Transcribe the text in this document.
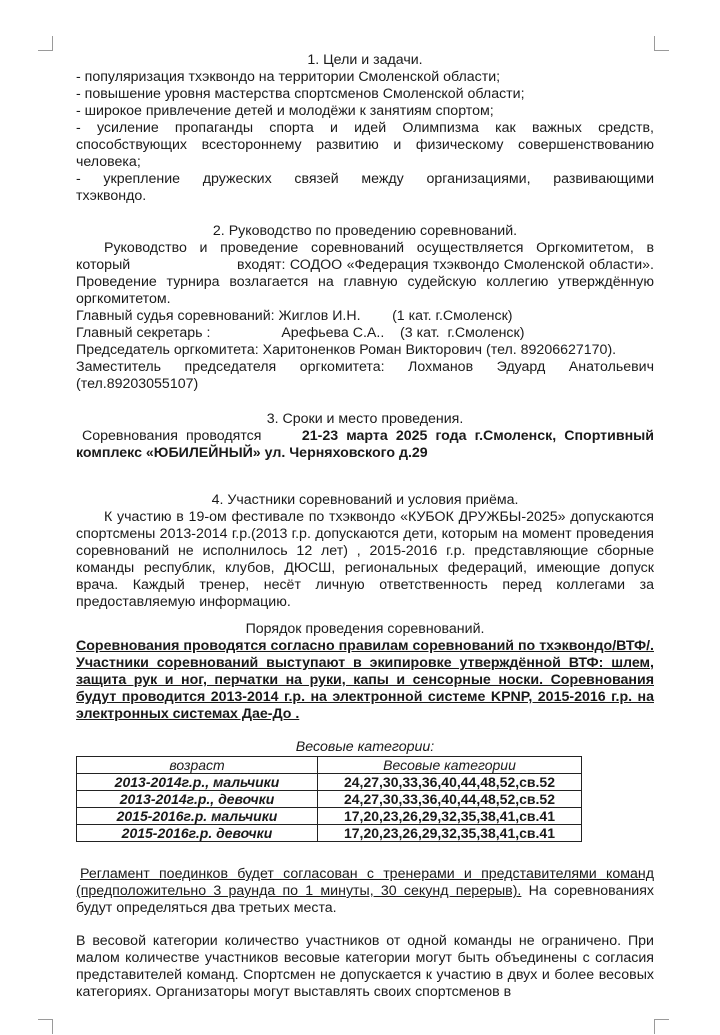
1. Цели и задачи.

- популяризация тхэквондо на территории Смоленской области;

- повышение уровня мастерства спортсменов Смоленской области;

- широкое привлечение детей и молодёжи к занятиям спортом;

- усиление пропаганды спорта и идей Олимпизма как важных средств, способствующих всестороннему развитию и физическому совершенствованию человека;

- укрепление дружеских связей между организациями, развивающими тхэквондо.

2. Руководство по проведению соревнований.

Руководство и проведение соревнований осуществляется Оргкомитетом, в который                        входят: СОДОО «Федерация тхэквондо Смоленской области». Проведение турнира возлагается на главную судейскую коллегию утверждённую оргкомитетом.

Главный судья соревнований: Жиглов И.Н.        (1 кат. г.Смоленск)

Главный секретарь :                  Арефьева С.А..    (3 кат.  г.Смоленск)

Председатель оргкомитета: Харитоненков Роман Викторович (тел. 89206627170).

Заместитель председателя оргкомитета: Лохманов Эдуард Анатольевич (тел.89203055107)

3. Сроки и место проведения.

Соревнования проводятся	21-23 марта 2025 года г.Смоленск, Спортивный комплекс «ЮБИЛЕЙНЫЙ» ул. Черняховского д.29

4. Участники соревнований и условия приёма.

К участию в 19-ом фестивале по тхэквондо «КУБОК ДРУЖБЫ-2025» допускаются спортсмены 2013-2014 г.р.(2013 г.р. допускаются дети, которым на момент проведения соревнований не исполнилось 12 лет) , 2015-2016 г.р. представляющие сборные команды республик, клубов, ДЮСШ, региональных федераций, имеющие допуск врача. Каждый тренер, несёт личную ответственность перед коллегами за предоставляемую информацию.

Порядок проведения соревнований.

Соревнования проводятся согласно правилам соревнований по тхэквондо/ВТФ/. Участники соревнований выступают в экипировке утверждённой ВТФ: шлем, защита рук и ног, перчатки на руки, капы и сенсорные носки. Соревнования будут проводится 2013-2014 г.р. на электронной системе KPNP, 2015-2016 г.р. на электронных системах Дае-До .

Весовые категории:

возраст	Весовые категории
2013-2014г.р., мальчики	24,27,30,33,36,40,44,48,52,св.52
2013-2014г.р., девочки	24,27,30,33,36,40,44,48,52,св.52
2015-2016г.р. мальчики	17,20,23,26,29,32,35,38,41,св.41
2015-2016г.р. девочки	17,20,23,26,29,32,35,38,41,св.41

Регламент поединков будет согласован с тренерами и представителями команд (предположительно 3 раунда по 1 минуты, 30 секунд перерыв). На соревнованиях будут определяться два третьих места.

В весовой категории количество участников от одной команды не ограничено. При малом количестве участников весовые категории могут быть объединены с согласия представителей команд. Спортсмен не допускается к участию в двух и более весовых категориях. Организаторы могут выставлять своих спортсменов в
